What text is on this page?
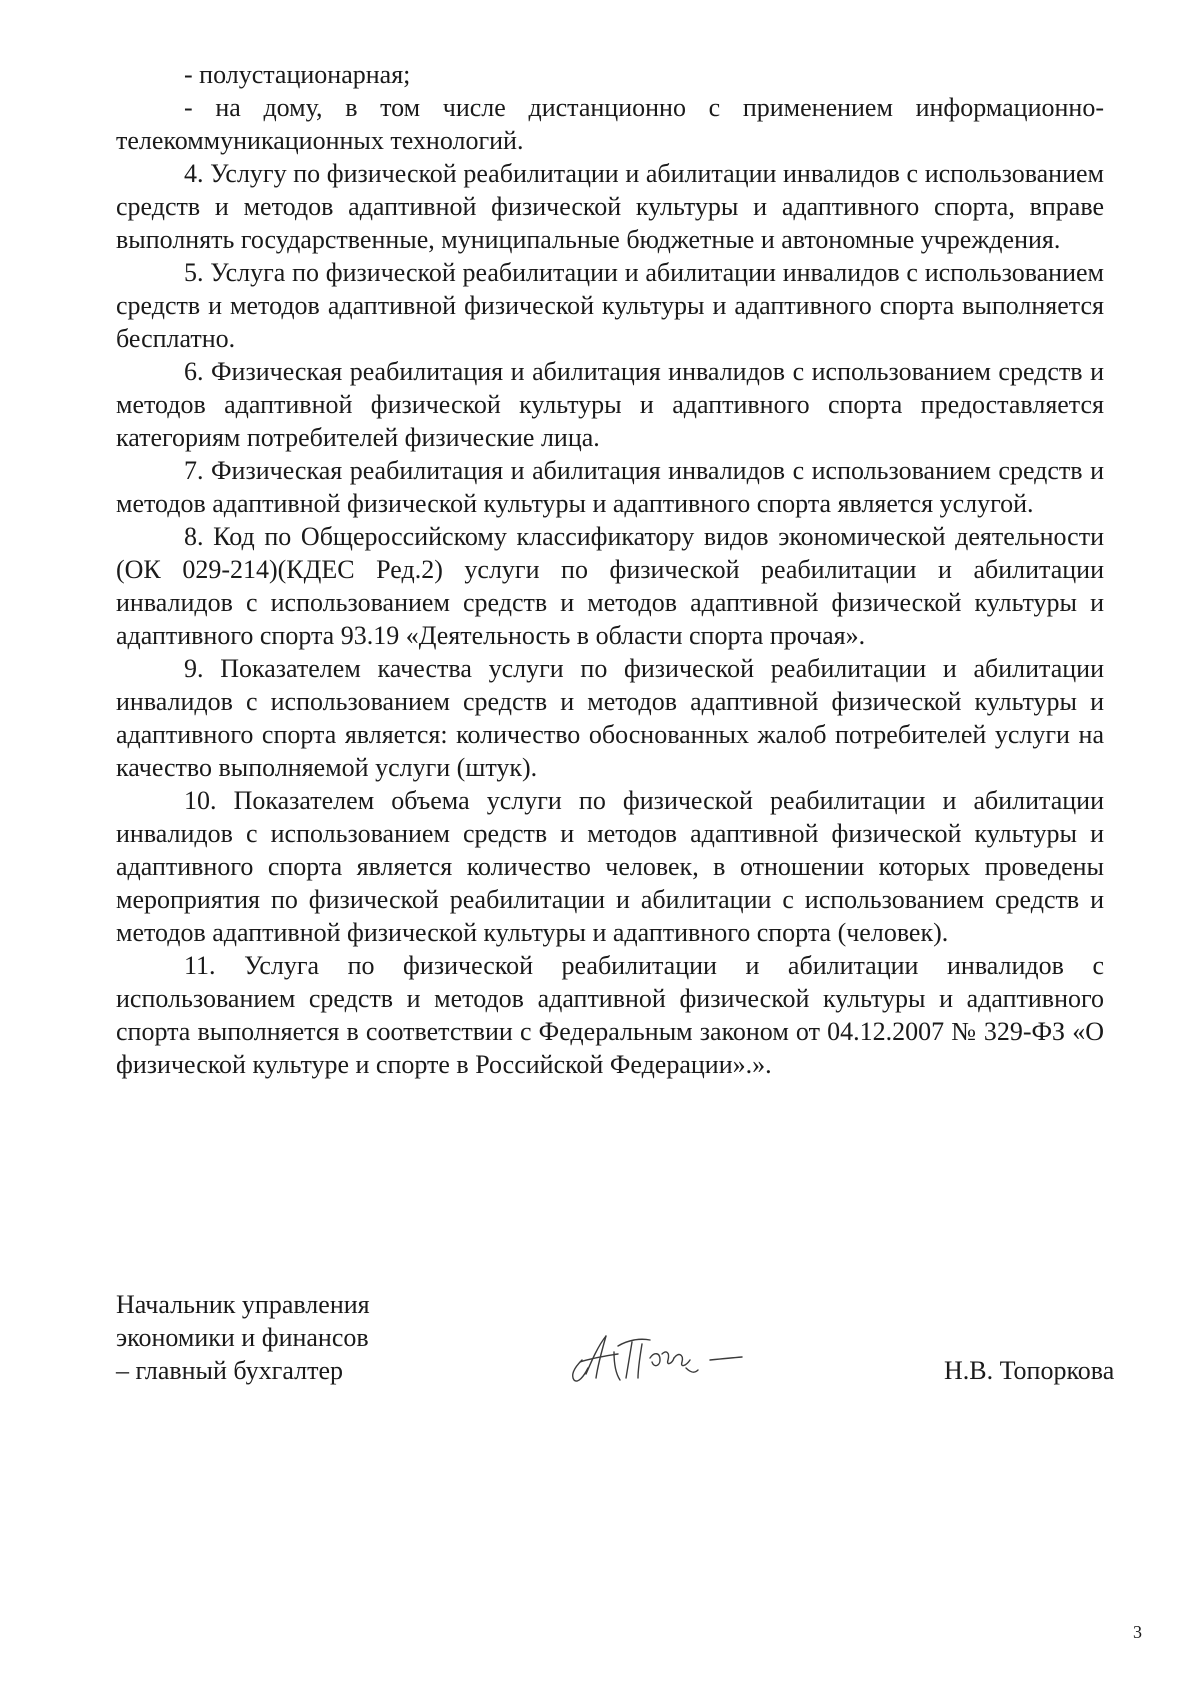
- полустационарная;

- на дому, в том числе дистанционно с применением информационно-телекоммуникационных технологий.

4. Услугу по физической реабилитации и абилитации инвалидов с использованием средств и методов адаптивной физической культуры и адаптивного спорта, вправе выполнять государственные, муниципальные бюджетные и автономные учреждения.

5. Услуга по физической реабилитации и абилитации инвалидов с использованием средств и методов адаптивной физической культуры и адаптивного спорта выполняется бесплатно.

6. Физическая реабилитация и абилитация инвалидов с использованием средств и методов адаптивной физической культуры и адаптивного спорта предоставляется категориям потребителей физические лица.

7. Физическая реабилитация и абилитация инвалидов с использованием средств и методов адаптивной физической культуры и адаптивного спорта является услугой.

8. Код по Общероссийскому классификатору видов экономической деятельности (ОК 029-214)(КДЕС Ред.2) услуги по физической реабилитации и абилитации инвалидов с использованием средств и методов адаптивной физической культуры и адаптивного спорта 93.19 «Деятельность в области спорта прочая».

9. Показателем качества услуги по физической реабилитации и абилитации инвалидов с использованием средств и методов адаптивной физической культуры и адаптивного спорта является: количество обоснованных жалоб потребителей услуги на качество выполняемой услуги (штук).

10. Показателем объема услуги по физической реабилитации и абилитации инвалидов с использованием средств и методов адаптивной физической культуры и адаптивного спорта является количество человек, в отношении которых проведены мероприятия по физической реабилитации и абилитации с использованием средств и методов адаптивной физической культуры и адаптивного спорта (человек).

11. Услуга по физической реабилитации и абилитации инвалидов с использованием средств и методов адаптивной физической культуры и адаптивного спорта выполняется в соответствии с Федеральным законом от 04.12.2007 № 329-ФЗ «О физической культуре и спорте в Российской Федерации».».

Начальник управления
экономики и финансов
– главный бухгалтер	Н.В. Топоркова
3
